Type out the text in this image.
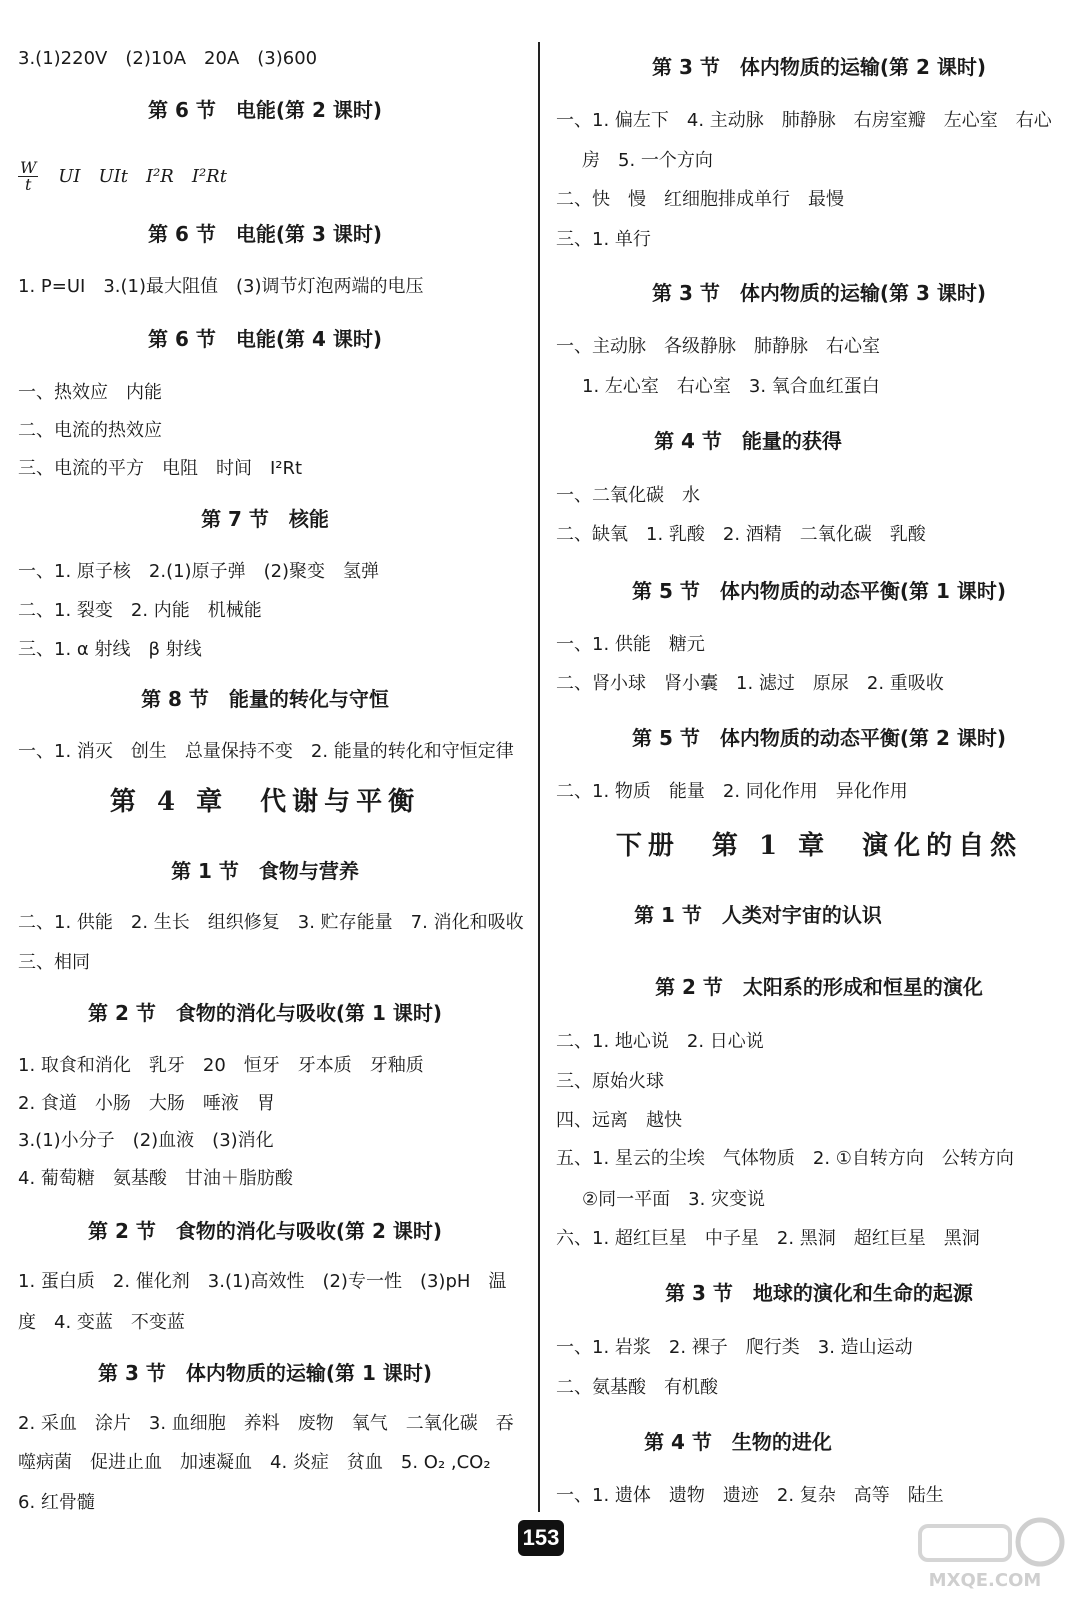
3.(1)220V　(2)10A　20A　(3)600
第 6 节　电能(第 2 课时)
$\frac{W}{t}$ UI　UIt　I²R　I²Rt
第 6 节　电能(第 3 课时)
1. P=UI　3.(1)最大阻值　(3)调节灯泡两端的电压
第 6 节　电能(第 4 课时)
一、热效应　内能
二、电流的热效应
三、电流的平方　电阻　时间　I²Rt
第 7 节　核能
一、1. 原子核　2.(1)原子弹　(2)聚变　氢弹
二、1. 裂变　2. 内能　机械能
三、1. α 射线　β 射线
第 8 节　能量的转化与守恒
一、1. 消灭　创生　总量保持不变　2. 能量的转化和守恒定律
第 4 章　代谢与平衡
第 1 节　食物与营养
二、1. 供能　2. 生长　组织修复　3. 贮存能量　7. 消化和吸收
三、相同
第 2 节　食物的消化与吸收(第 1 课时)
1. 取食和消化　乳牙　20　恒牙　牙本质　牙釉质
2. 食道　小肠　大肠　唾液　胃
3.(1)小分子　(2)血液　(3)消化
4. 葡萄糖　氨基酸　甘油＋脂肪酸
第 2 节　食物的消化与吸收(第 2 课时)
1. 蛋白质　2. 催化剂　3.(1)高效性　(2)专一性　(3)pH　温
度　4. 变蓝　不变蓝
第 3 节　体内物质的运输(第 1 课时)
2. 采血　涂片　3. 血细胞　养料　废物　氧气　二氧化碳　吞
噬病菌　促进止血　加速凝血　4. 炎症　贫血　5. O₂ ,CO₂
6. 红骨髓
第 3 节　体内物质的运输(第 2 课时)
一、1. 偏左下　4. 主动脉　肺静脉　右房室瓣　左心室　右心
房　5. 一个方向
二、快　慢　红细胞排成单行　最慢
三、1. 单行
第 3 节　体内物质的运输(第 3 课时)
一、主动脉　各级静脉　肺静脉　右心室
1. 左心室　右心室　3. 氧合血红蛋白
第 4 节　能量的获得
一、二氧化碳　水
二、缺氧　1. 乳酸　2. 酒精　二氧化碳　乳酸
第 5 节　体内物质的动态平衡(第 1 课时)
一、1. 供能　糖元
二、肾小球　肾小囊　1. 滤过　原尿　2. 重吸收
第 5 节　体内物质的动态平衡(第 2 课时)
二、1. 物质　能量　2. 同化作用　异化作用
下册　第 1 章　演化的自然
第 1 节　人类对宇宙的认识
第 2 节　太阳系的形成和恒星的演化
二、1. 地心说　2. 日心说
三、原始火球
四、远离　越快
五、1. 星云的尘埃　气体物质　2. ①自转方向　公转方向
②同一平面　3. 灾变说
六、1. 超红巨星　中子星　2. 黑洞　超红巨星　黑洞
第 3 节　地球的演化和生命的起源
一、1. 岩浆　2. 裸子　爬行类　3. 造山运动
二、氨基酸　有机酸
第 4 节　生物的进化
一、1. 遗体　遗物　遗迹　2. 复杂　高等　陆生
153
MXQE.COM
